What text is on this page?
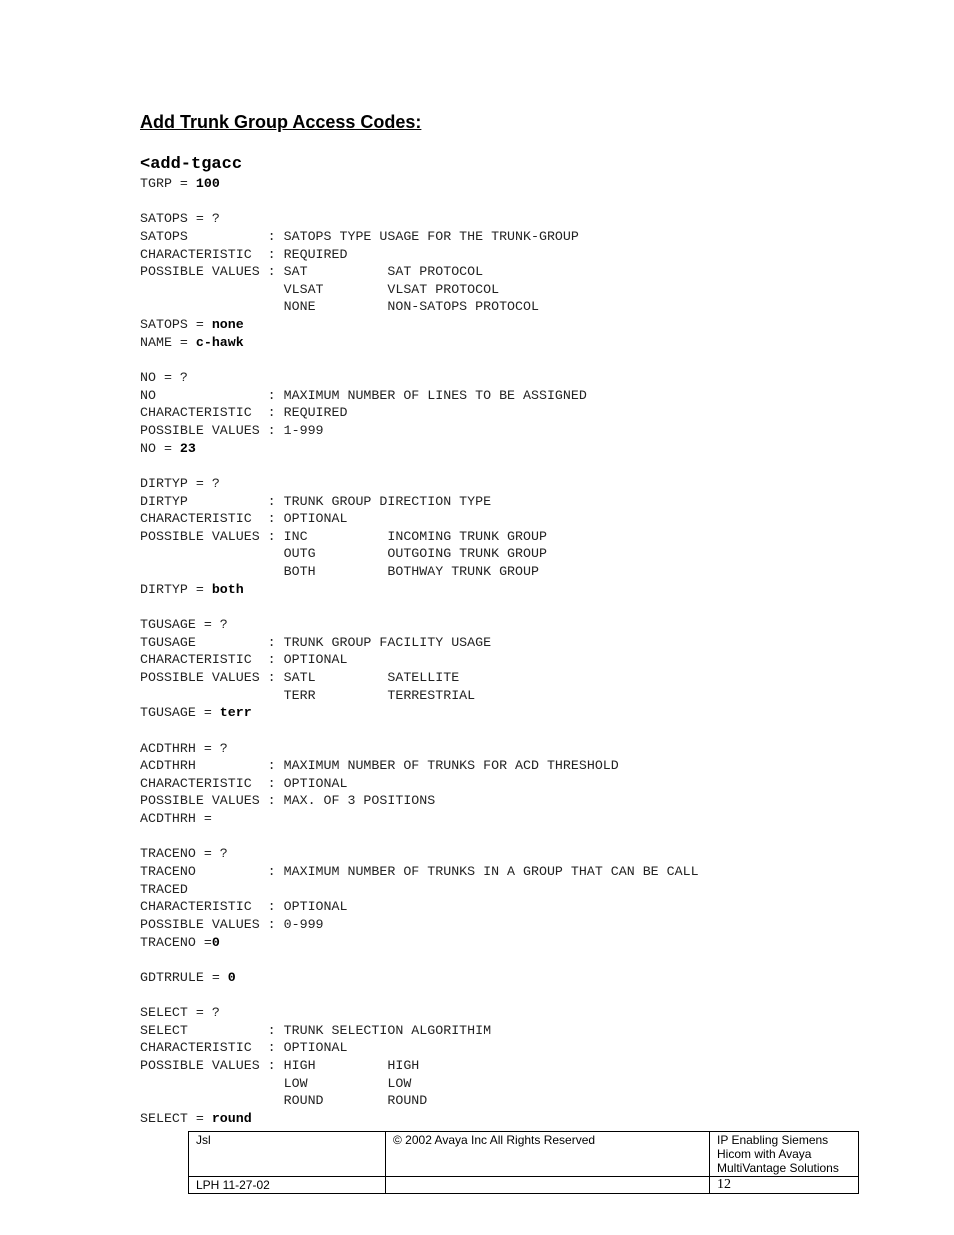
Add Trunk Group Access Codes:
<add-tgacc
TGRP = 100
SATOPS = ?
SATOPS          : SATOPS TYPE USAGE FOR THE TRUNK-GROUP
CHARACTERISTIC  : REQUIRED
POSSIBLE VALUES : SAT          SAT PROTOCOL
VLSAT        VLSAT PROTOCOL
NONE         NON-SATOPS PROTOCOL
SATOPS = none
NAME = c-hawk
NO = ?
NO              : MAXIMUM NUMBER OF LINES TO BE ASSIGNED
CHARACTERISTIC  : REQUIRED
POSSIBLE VALUES : 1-999
NO = 23
DIRTYP = ?
DIRTYP          : TRUNK GROUP DIRECTION TYPE
CHARACTERISTIC  : OPTIONAL
POSSIBLE VALUES : INC          INCOMING TRUNK GROUP
OUTG         OUTGOING TRUNK GROUP
BOTH         BOTHWAY TRUNK GROUP
DIRTYP = both
TGUSAGE = ?
TGUSAGE         : TRUNK GROUP FACILITY USAGE
CHARACTERISTIC  : OPTIONAL
POSSIBLE VALUES : SATL         SATELLITE
TERR         TERRESTRIAL
TGUSAGE = terr
ACDTHRH = ?
ACDTHRH         : MAXIMUM NUMBER OF TRUNKS FOR ACD THRESHOLD
CHARACTERISTIC  : OPTIONAL
POSSIBLE VALUES : MAX. OF 3 POSITIONS
ACDTHRH =
TRACENO = ?
TRACENO         : MAXIMUM NUMBER OF TRUNKS IN A GROUP THAT CAN BE CALL
TRACED
CHARACTERISTIC  : OPTIONAL
POSSIBLE VALUES : 0-999
TRACENO =0
GDTRRULE = 0
SELECT = ?
SELECT          : TRUNK SELECTION ALGORITHIM
CHARACTERISTIC  : OPTIONAL
POSSIBLE VALUES : HIGH         HIGH
LOW          LOW
ROUND        ROUND
SELECT = round
Jsl	© 2002 Avaya Inc All Rights Reserved	IP Enabling Siemens
Hicom with Avaya
MultiVantage Solutions

LPH 11-27-02		12
